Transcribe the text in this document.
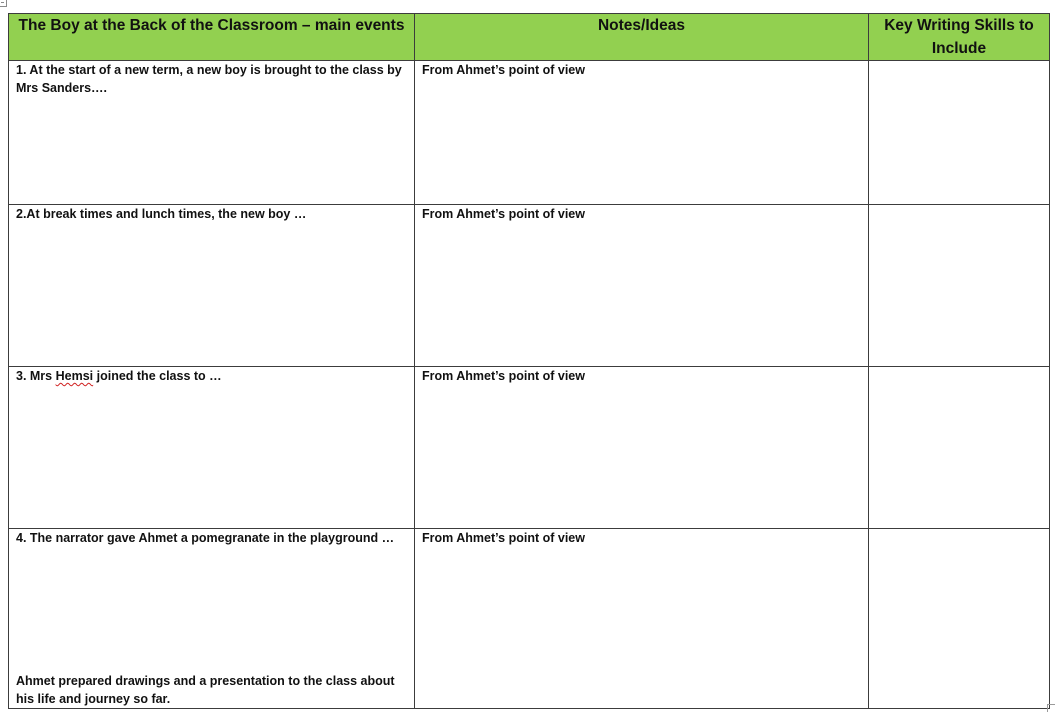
The Boy at the Back of the Classroom – main events	Notes/Ideas	Key Writing Skills to Include

1. At the start of a new term, a new boy is brought to the class by Mrs Sanders….	From Ahmet’s point of view	

2.At break times and lunch times, the new boy …	From Ahmet’s point of view	

3. Mrs Hemsi joined the class to …	From Ahmet’s point of view	

4. The narrator gave Ahmet a pomegranate in the playground …
Ahmet prepared drawings and a presentation to the class about his life and journey so far.	From Ahmet’s point of view	
